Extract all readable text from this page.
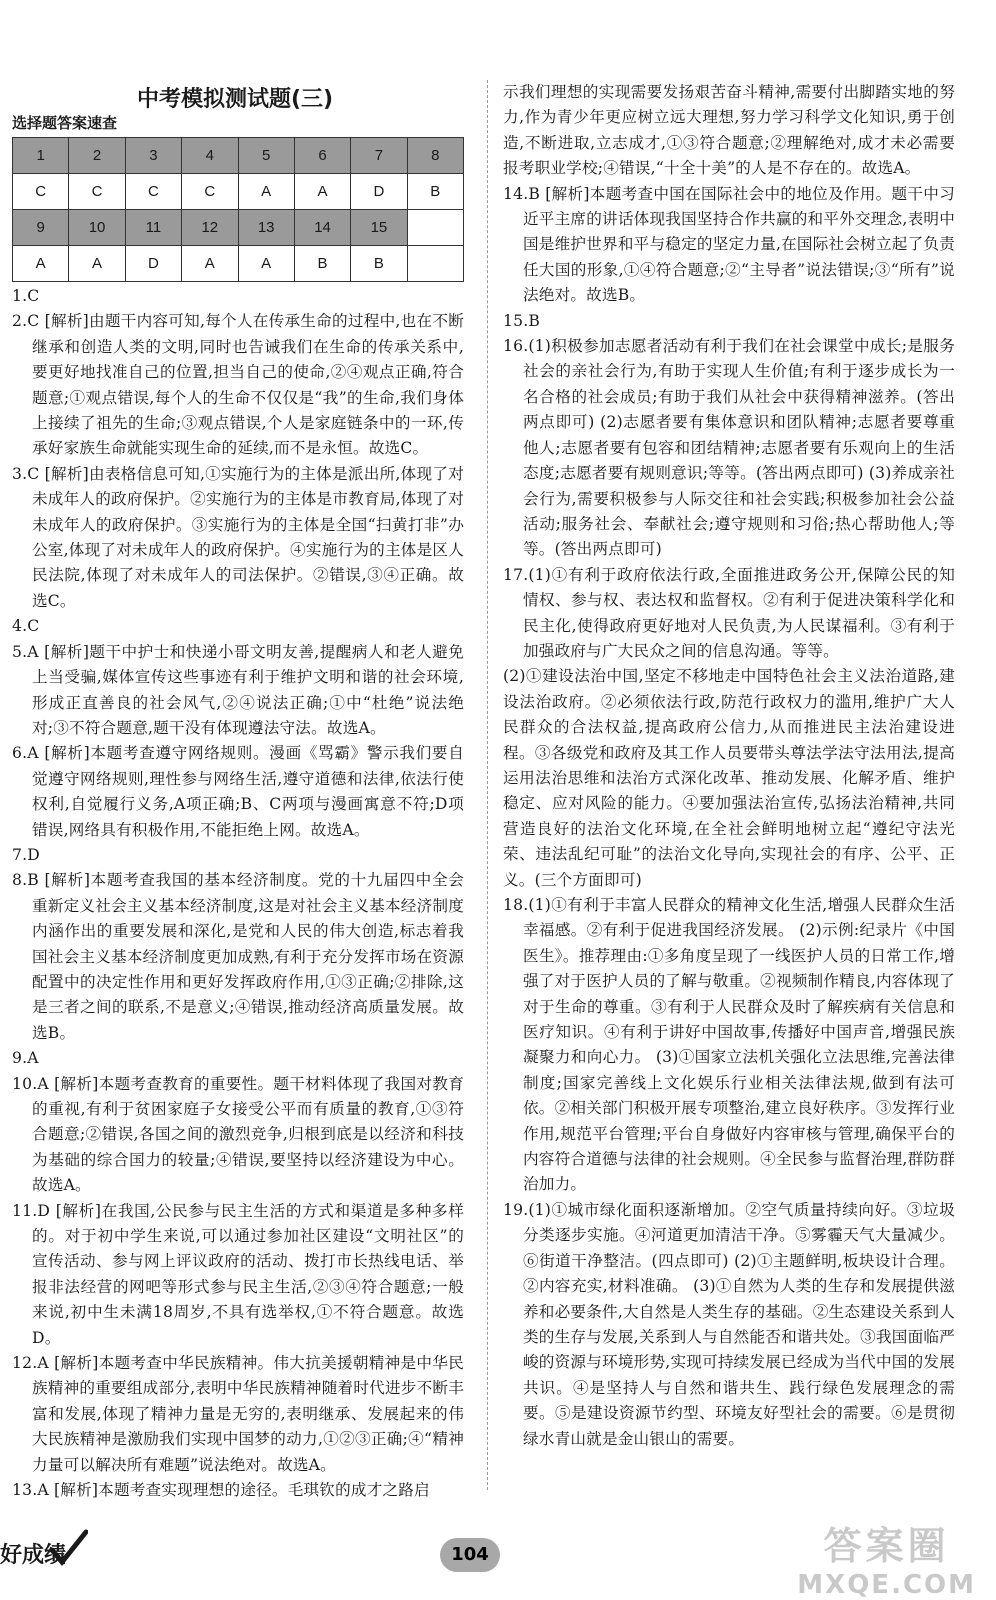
中考模拟测试题(三)
选择题答案速查
1	2	3	4	5	6	7	8
C	C	C	C	A	A	D	B
9	10	11	12	13	14	15	
A	A	D	A	A	B	B	

1.C

2.C [解析]由题干内容可知,每个人在传承生命的过程中,也在不断继承和创造人类的文明,同时也告诫我们在生命的传承关系中,要更好地找准自己的位置,担当自己的使命,②④观点正确,符合题意;①观点错误,每个人的生命不仅仅是“我”的生命,我们身体上接续了祖先的生命;③观点错误,个人是家庭链条中的一环,传承好家族生命就能实现生命的延续,而不是永恒。故选C。

3.C [解析]由表格信息可知,①实施行为的主体是派出所,体现了对未成年人的政府保护。②实施行为的主体是市教育局,体现了对未成年人的政府保护。③实施行为的主体是全国“扫黄打非”办公室,体现了对未成年人的政府保护。④实施行为的主体是区人民法院,体现了对未成年人的司法保护。②错误,③④正确。故选C。

4.C

5.A [解析]题干中护士和快递小哥文明友善,提醒病人和老人避免上当受骗,媒体宣传这些事迹有利于维护文明和谐的社会环境,形成正直善良的社会风气,②④说法正确;①中“杜绝”说法绝对;③不符合题意,题干没有体现遵法守法。故选A。

6.A [解析]本题考查遵守网络规则。漫画《骂霸》警示我们要自觉遵守网络规则,理性参与网络生活,遵守道德和法律,依法行使权利,自觉履行义务,A项正确;B、C两项与漫画寓意不符;D项错误,网络具有积极作用,不能拒绝上网。故选A。

7.D

8.B [解析]本题考查我国的基本经济制度。党的十九届四中全会重新定义社会主义基本经济制度,这是对社会主义基本经济制度内涵作出的重要发展和深化,是党和人民的伟大创造,标志着我国社会主义基本经济制度更加成熟,有利于充分发挥市场在资源配置中的决定性作用和更好发挥政府作用,①③正确;②排除,这是三者之间的联系,不是意义;④错误,推动经济高质量发展。故选B。

9.A

10.A [解析]本题考查教育的重要性。题干材料体现了我国对教育的重视,有利于贫困家庭子女接受公平而有质量的教育,①③符合题意;②错误,各国之间的激烈竞争,归根到底是以经济和科技为基础的综合国力的较量;④错误,要坚持以经济建设为中心。故选A。

11.D [解析]在我国,公民参与民主生活的方式和渠道是多种多样的。对于初中学生来说,可以通过参加社区建设“文明社区”的宣传活动、参与网上评议政府的活动、拨打市长热线电话、举报非法经营的网吧等形式参与民主生活,②③④符合题意;一般来说,初中生未满18周岁,不具有选举权,①不符合题意。故选D。

12.A [解析]本题考查中华民族精神。伟大抗美援朝精神是中华民族精神的重要组成部分,表明中华民族精神随着时代进步不断丰富和发展,体现了精神力量是无穷的,表明继承、发展起来的伟大民族精神是激励我们实现中国梦的动力,①②③正确;④“精神力量可以解决所有难题”说法绝对。故选A。

13.A [解析]本题考查实现理想的途径。毛琪钦的成才之路启

示我们理想的实现需要发扬艰苦奋斗精神,需要付出脚踏实地的努力,作为青少年更应树立远大理想,努力学习科学文化知识,勇于创造,不断进取,立志成才,①③符合题意;②理解绝对,成才未必需要报考职业学校;④错误,“十全十美”的人是不存在的。故选A。

14.B [解析]本题考查中国在国际社会中的地位及作用。题干中习近平主席的讲话体现我国坚持合作共赢的和平外交理念,表明中国是维护世界和平与稳定的坚定力量,在国际社会树立起了负责任大国的形象,①④符合题意;②“主导者”说法错误;③“所有”说法绝对。故选B。

15.B

16.(1)积极参加志愿者活动有利于我们在社会课堂中成长;是服务社会的亲社会行为,有助于实现人生价值;有利于逐步成长为一名合格的社会成员;有助于我们从社会中获得精神滋养。(答出两点即可) (2)志愿者要有集体意识和团队精神;志愿者要尊重他人;志愿者要有包容和团结精神;志愿者要有乐观向上的生活态度;志愿者要有规则意识;等等。(答出两点即可) (3)养成亲社会行为,需要积极参与人际交往和社会实践;积极参加社会公益活动;服务社会、奉献社会;遵守规则和习俗;热心帮助他人;等等。(答出两点即可)

17.(1)①有利于政府依法行政,全面推进政务公开,保障公民的知情权、参与权、表达权和监督权。②有利于促进决策科学化和民主化,使得政府更好地对人民负责,为人民谋福利。③有利于加强政府与广大民众之间的信息沟通。等等。

(2)①建设法治中国,坚定不移地走中国特色社会主义法治道路,建设法治政府。②必须依法行政,防范行政权力的滥用,维护广大人民群众的合法权益,提高政府公信力,从而推进民主法治建设进程。③各级党和政府及其工作人员要带头尊法学法守法用法,提高运用法治思维和法治方式深化改革、推动发展、化解矛盾、维护稳定、应对风险的能力。④要加强法治宣传,弘扬法治精神,共同营造良好的法治文化环境,在全社会鲜明地树立起“遵纪守法光荣、违法乱纪可耻”的法治文化导向,实现社会的有序、公平、正义。(三个方面即可)

18.(1)①有利于丰富人民群众的精神文化生活,增强人民群众生活幸福感。②有利于促进我国经济发展。 (2)示例:纪录片《中国医生》。推荐理由:①多角度呈现了一线医护人员的日常工作,增强了对于医护人员的了解与敬重。②视频制作精良,内容体现了对于生命的尊重。③有利于人民群众及时了解疾病有关信息和医疗知识。④有利于讲好中国故事,传播好中国声音,增强民族凝聚力和向心力。 (3)①国家立法机关强化立法思维,完善法律制度;国家完善线上文化娱乐行业相关法律法规,做到有法可依。②相关部门积极开展专项整治,建立良好秩序。③发挥行业作用,规范平台管理;平台自身做好内容审核与管理,确保平台的内容符合道德与法律的社会规则。④全民参与监督治理,群防群治加力。

19.(1)①城市绿化面积逐渐增加。②空气质量持续向好。③垃圾分类逐步实施。④河道更加清洁干净。⑤雾霾天气大量减少。⑥街道干净整洁。(四点即可) (2)①主题鲜明,板块设计合理。②内容充实,材料准确。 (3)①自然为人类的生存和发展提供滋养和必要条件,大自然是人类生存的基础。②生态建设关系到人类的生存与发展,关系到人与自然能否和谐共处。③我国面临严峻的资源与环境形势,实现可持续发展已经成为当代中国的发展共识。④是坚持人与自然和谐共生、践行绿色发展理念的需要。⑤是建设资源节约型、环境友好型社会的需要。⑥是贯彻绿水青山就是金山银山的需要。

好成绩	104	答案圈
MXQE.COM
